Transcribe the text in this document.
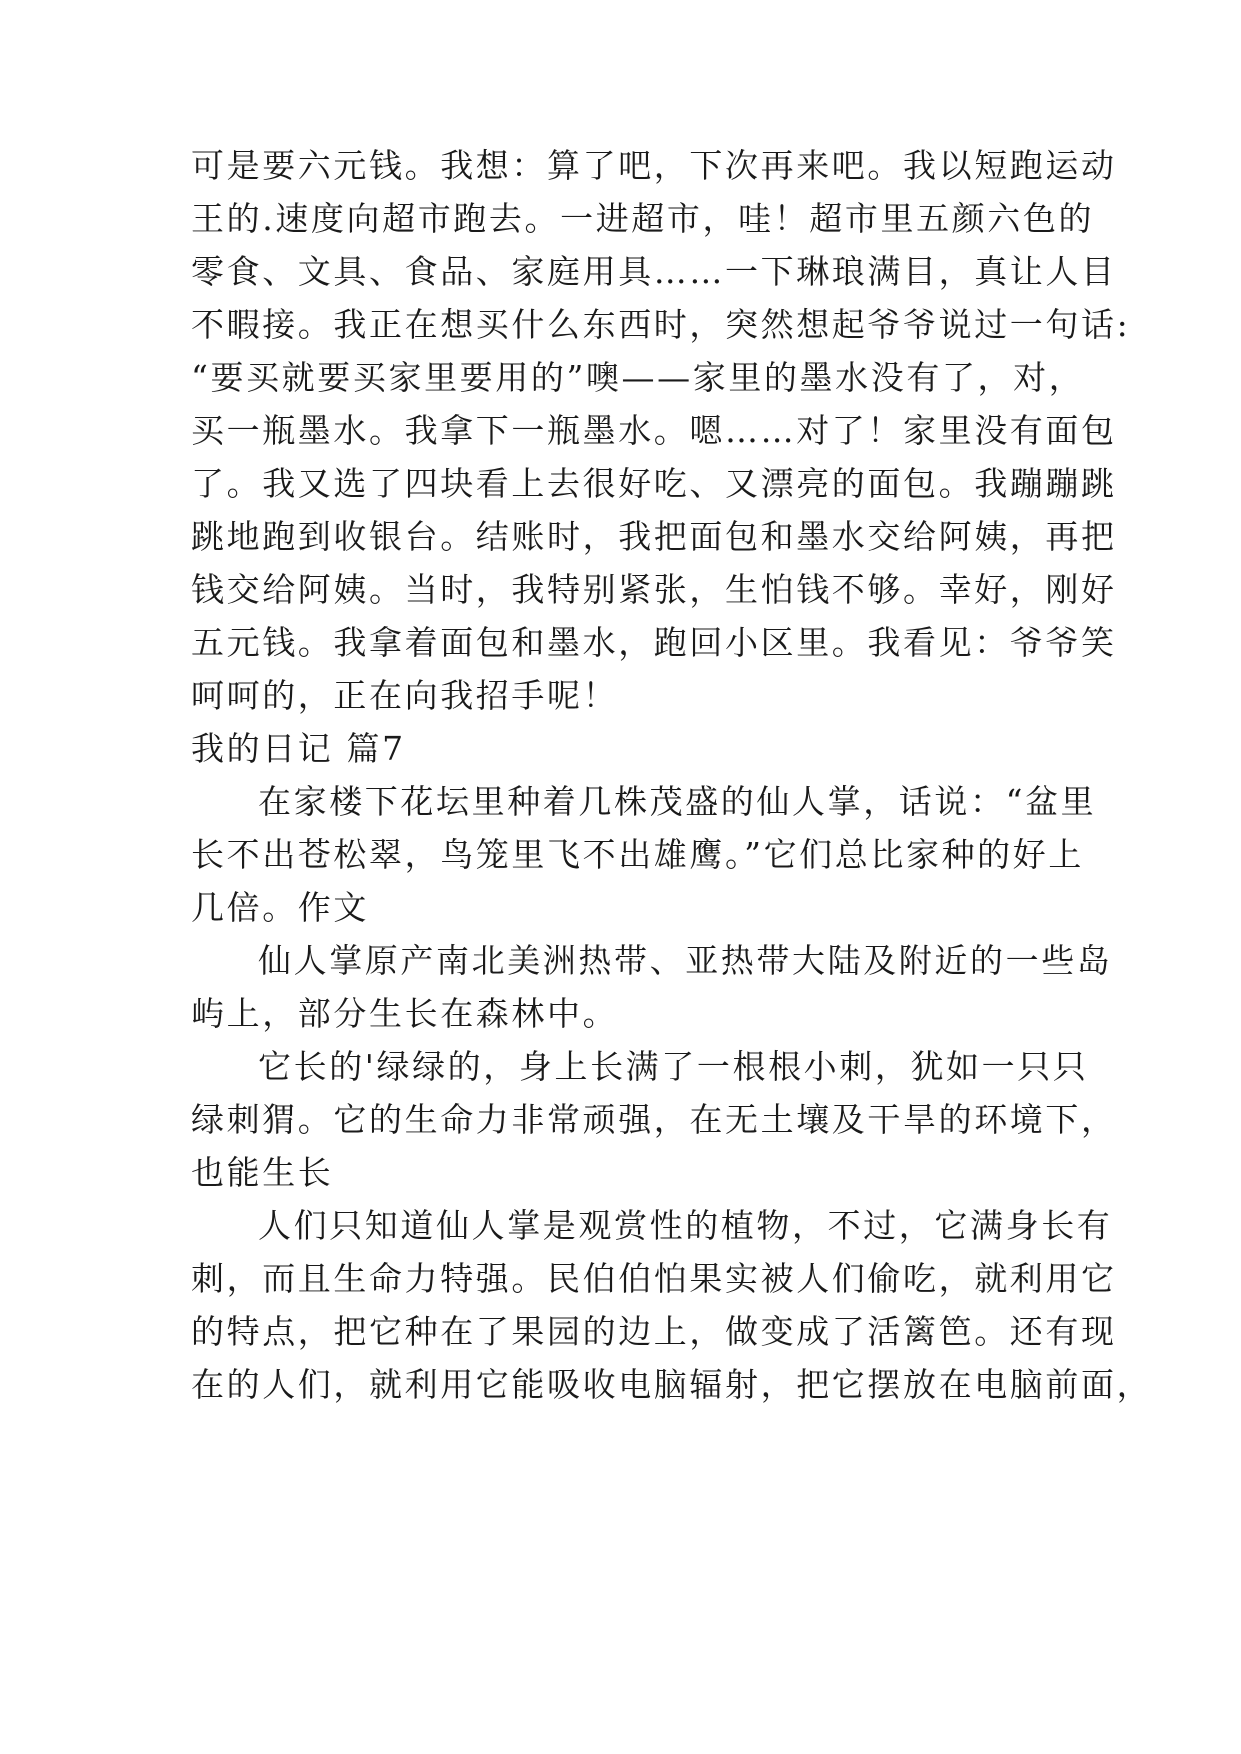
可是要六元钱。我想：算了吧，下次再来吧。我以短跑运动
王的.速度向超市跑去。一进超市，哇！超市里五颜六色的
零食、文具、食品、家庭用具……一下琳琅满目，真让人目
不暇接。我正在想买什么东西时，突然想起爷爷说过一句话:
“要买就要买家里要用的”噢——家里的墨水没有了，对，
买一瓶墨水。我拿下一瓶墨水。嗯……对了！家里没有面包
了。我又选了四块看上去很好吃、又漂亮的面包。我蹦蹦跳
跳地跑到收银台。结账时，我把面包和墨水交给阿姨，再把
钱交给阿姨。当时，我特别紧张，生怕钱不够。幸好，刚好
五元钱。我拿着面包和墨水，跑回小区里。我看见：爷爷笑
呵呵的，正在向我招手呢！
我的日记 篇7
在家楼下花坛里种着几株茂盛的仙人掌，话说：“盆里
长不出苍松翠，鸟笼里飞不出雄鹰。”它们总比家种的好上
几倍。作文
仙人掌原产南北美洲热带、亚热带大陆及附近的一些岛
屿上，部分生长在森林中。
它长的'绿绿的，身上长满了一根根小刺，犹如一只只
绿刺猬。它的生命力非常顽强，在无土壤及干旱的环境下，
也能生长
人们只知道仙人掌是观赏性的植物，不过，它满身长有
刺，而且生命力特强。民伯伯怕果实被人们偷吃，就利用它
的特点，把它种在了果园的边上，做变成了活篱笆。还有现
在的人们，就利用它能吸收电脑辐射，把它摆放在电脑前面，
